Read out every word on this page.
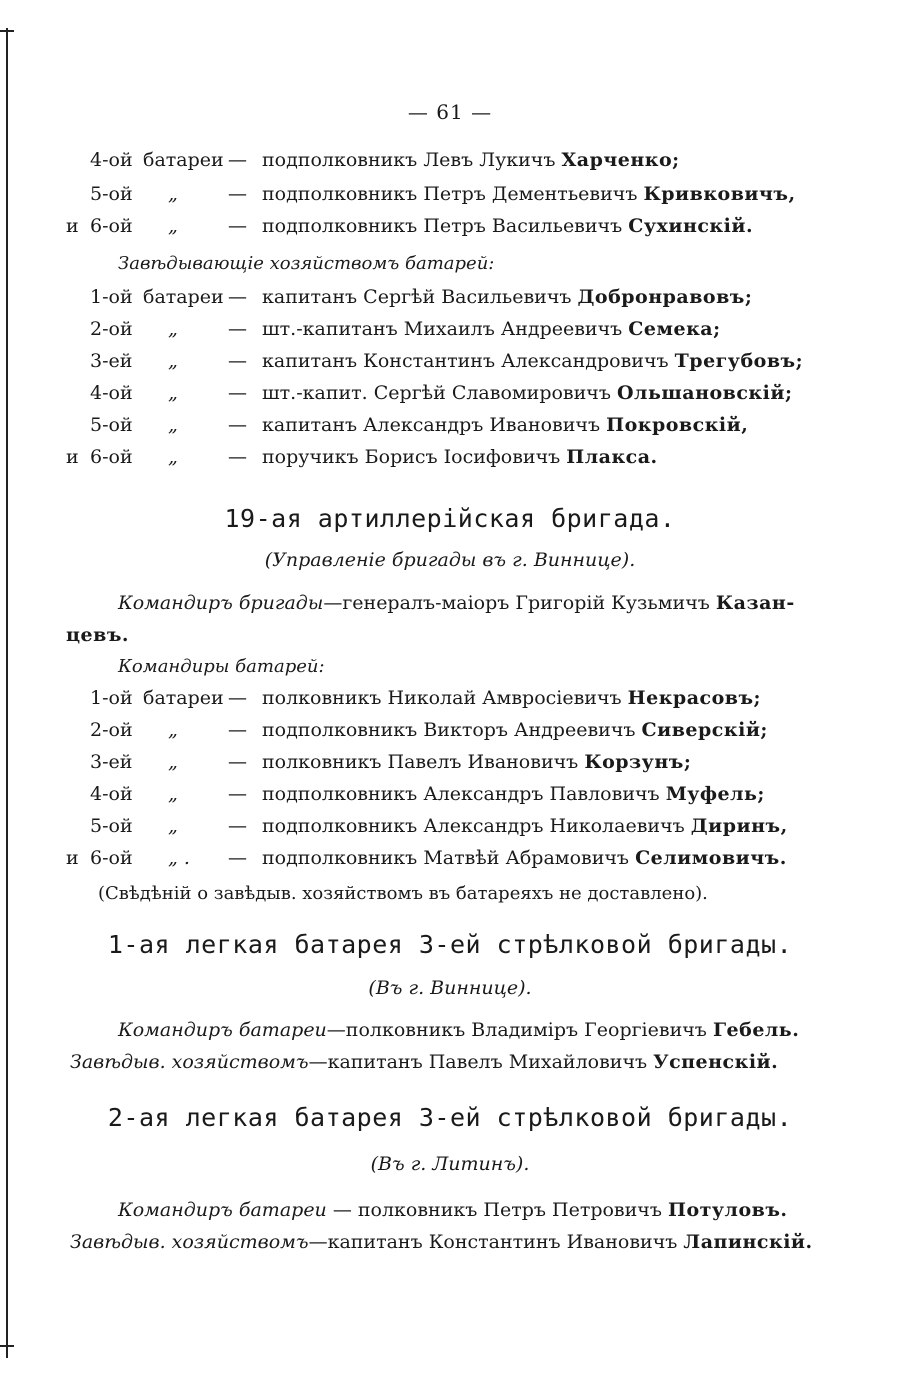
— 61 —
4-ой батареи — подполковникъ Левъ Лукичъ Харченко;
5-ой „	— подполковникъ Петръ Дементьевичъ Кривковичъ,
и 6-ой „	— подполковникъ Петръ Васильевичъ Сухинскiй.
Завѣдывающiе хозяйствомъ батарей:
1-ой батареи — капитанъ Сергѣй Васильевичъ Добронравовъ;
2-ой „	— шт.-капитанъ Михаилъ Андреевичъ Семека;
3-ей „	— капитанъ Константинъ Александровичъ Трегубовъ;
4-ой „	— шт.-капит. Сергѣй Славомировичъ Ольшановскiй;
5-ой „	— капитанъ Александръ Ивановичъ Покровскiй,
и 6-ой „	— поручикъ Борисъ Iосифовичъ Плакса.
19-ая артиллерiйская бригада.
(Управленiе бригады въ г. Виннице).
Командиръ бригады—генералъ-маiоръ Григорiй Кузьмичъ Казан-
цевъ.
Командиры батарей:
1-ой батареи — полковникъ Николай Амвросiевичъ Некрасовъ;
2-ой „	— подполковникъ Викторъ Андреевичъ Сиверскiй;
3-ей „	— полковникъ Павелъ Ивановичъ Корзунъ;
4-ой „	— подполковникъ Александръ Павловичъ Муфель;
5-ой „	— подполковникъ Александръ Николаевичъ Диринъ,
и 6-ой „ . — подполковникъ Матвѣй Абрамовичъ Селимовичъ.
(Свѣдѣнiй о завѣдыв. хозяйствомъ въ батареяхъ не доставлено).
1-ая легкая батарея 3-ей стрѣлковой бригады.
(Въ г. Виннице).
Командиръ батареи—полковникъ Владимiръ Георгiевичъ Гебель.
Завѣдыв. хозяйствомъ—капитанъ Павелъ Михайловичъ Успенскiй.
2-ая легкая батарея 3-ей стрѣлковой бригады.
(Въ г. Литинъ).
Командиръ батареи — полковникъ Петръ Петровичъ Потуловъ.
Завѣдыв. хозяйствомъ—капитанъ Константинъ Ивановичъ Лапинскiй.
